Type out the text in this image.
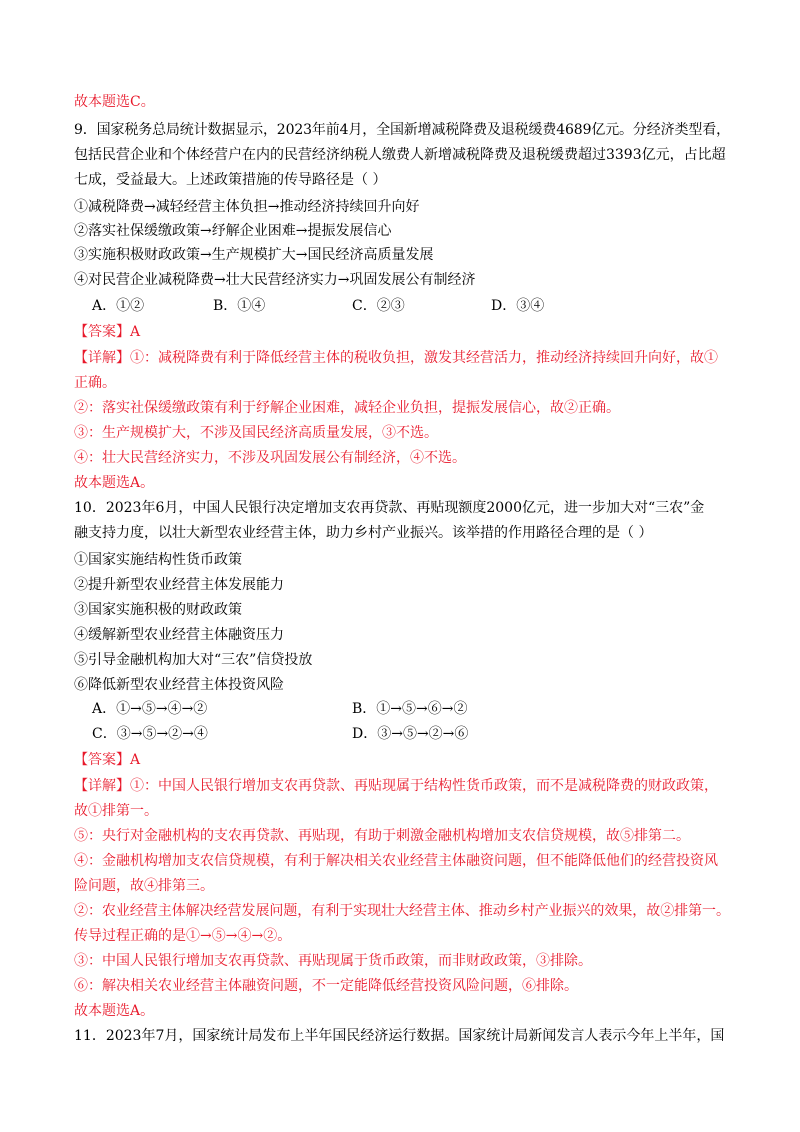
故本题选C。
9．国家税务总局统计数据显示，2023年前4月，全国新增减税降费及退税缓费4689亿元。分经济类型看，
包括民营企业和个体经营户在内的民营经济纳税人缴费人新增减税降费及退税缓费超过3393亿元，占比超
七成，受益最大。上述政策措施的传导路径是（ ）
①减税降费→减轻经营主体负担→推动经济持续回升向好
②落实社保缓缴政策→纾解企业困难→提振发展信心
③实施积极财政政策→生产规模扩大→国民经济高质量发展
④对民营企业减税降费→壮大民营经济实力→巩固发展公有制经济
A．①②	B．①④	C．②③	D．③④
【答案】A
【详解】①：减税降费有利于降低经营主体的税收负担，激发其经营活力，推动经济持续回升向好，故①
正确。
②：落实社保缓缴政策有利于纾解企业困难，减轻企业负担，提振发展信心，故②正确。
③：生产规模扩大，不涉及国民经济高质量发展，③不选。
④：壮大民营经济实力，不涉及巩固发展公有制经济，④不选。
故本题选A。
10．2023年6月，中国人民银行决定增加支农再贷款、再贴现额度2000亿元，进一步加大对“三农”金
融支持力度，以壮大新型农业经营主体，助力乡村产业振兴。该举措的作用路径合理的是（ ）
①国家实施结构性货币政策
②提升新型农业经营主体发展能力
③国家实施积极的财政政策
④缓解新型农业经营主体融资压力
⑤引导金融机构加大对“三农”信贷投放
⑥降低新型农业经营主体投资风险
A．①→⑤→④→②	B．①→⑤→⑥→②
C．③→⑤→②→④	D．③→⑤→②→⑥
【答案】A
【详解】①：中国人民银行增加支农再贷款、再贴现属于结构性货币政策，而不是减税降费的财政政策，
故①排第一。
⑤：央行对金融机构的支农再贷款、再贴现，有助于刺激金融机构增加支农信贷规模，故⑤排第二。
④：金融机构增加支农信贷规模，有利于解决相关农业经营主体融资问题，但不能降低他们的经营投资风
险问题，故④排第三。
②：农业经营主体解决经营发展问题，有利于实现壮大经营主体、推动乡村产业振兴的效果，故②排第一。
传导过程正确的是①→⑤→④→②。
③：中国人民银行增加支农再贷款、再贴现属于货币政策，而非财政政策，③排除。
⑥：解决相关农业经营主体融资问题，不一定能降低经营投资风险问题，⑥排除。
故本题选A。
11．2023年7月，国家统计局发布上半年国民经济运行数据。国家统计局新闻发言人表示今年上半年，国
